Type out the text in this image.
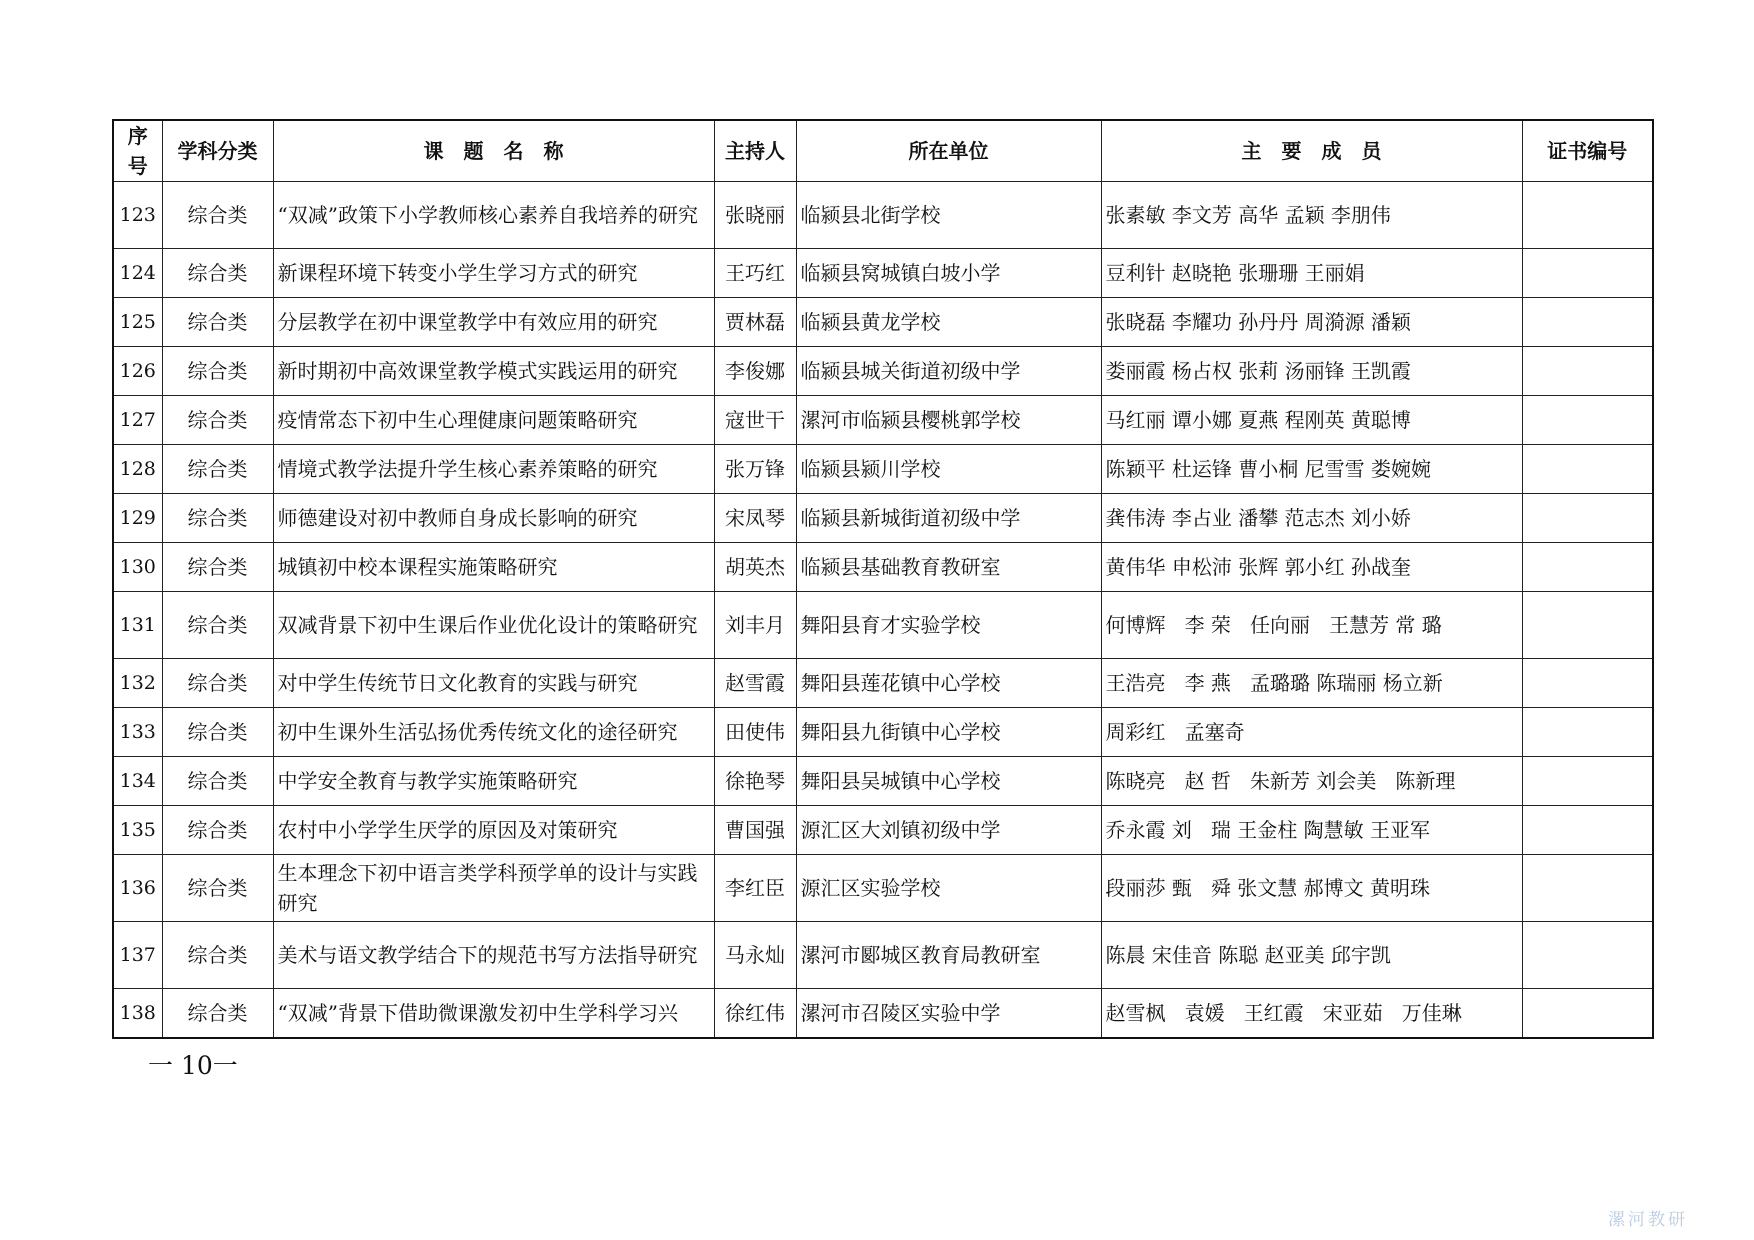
序号	学科分类	课　题　名　称	主持人	所在单位	主　要　成　员	证书编号
123	综合类	“双减”政策下小学教师核心素养自我培养的研究	张晓丽	临颍县北街学校	张素敏 李文芳 高华 孟颖 李朋伟	
124	综合类	新课程环境下转变小学生学习方式的研究	王巧红	临颍县窝城镇白坡小学	豆利针 赵晓艳 张珊珊 王丽娟	
125	综合类	分层教学在初中课堂教学中有效应用的研究	贾林磊	临颍县黄龙学校	张晓磊 李耀功 孙丹丹 周漪源 潘颖	
126	综合类	新时期初中高效课堂教学模式实践运用的研究	李俊娜	临颍县城关街道初级中学	娄丽霞 杨占权 张莉 汤丽锋 王凯霞	
127	综合类	疫情常态下初中生心理健康问题策略研究	寇世干	漯河市临颍县樱桃郭学校	马红丽 谭小娜 夏燕 程刚英 黄聪博	
128	综合类	情境式教学法提升学生核心素养策略的研究	张万锋	临颍县颍川学校	陈颖平 杜运锋 曹小桐 尼雪雪 娄婉婉	
129	综合类	师德建设对初中教师自身成长影响的研究	宋凤琴	临颍县新城街道初级中学	龚伟涛 李占业 潘攀 范志杰 刘小娇	
130	综合类	城镇初中校本课程实施策略研究	胡英杰	临颍县基础教育教研室	黄伟华 申松沛 张辉 郭小红 孙战奎	
131	综合类	双减背景下初中生课后作业优化设计的策略研究	刘丰月	舞阳县育才实验学校	何博辉   李 荣   任向丽   王慧芳 常 璐	
132	综合类	对中学生传统节日文化教育的实践与研究	赵雪霞	舞阳县莲花镇中心学校	王浩亮   李 燕   孟璐璐 陈瑞丽 杨立新	
133	综合类	初中生课外生活弘扬优秀传统文化的途径研究	田使伟	舞阳县九街镇中心学校	周彩红   孟塞奇	
134	综合类	中学安全教育与教学实施策略研究	徐艳琴	舞阳县吴城镇中心学校	陈晓亮   赵 哲   朱新芳 刘会美   陈新理	
135	综合类	农村中小学学生厌学的原因及对策研究	曹国强	源汇区大刘镇初级中学	乔永霞 刘   瑞 王金柱 陶慧敏 王亚军	
136	综合类	生本理念下初中语言类学科预学单的设计与实践研究	李红臣	源汇区实验学校	段丽莎 甄   舜 张文慧 郝博文 黄明珠	
137	综合类	美术与语文教学结合下的规范书写方法指导研究	马永灿	漯河市郾城区教育局教研室	陈晨 宋佳音 陈聪 赵亚美 邱宇凯	
138	综合类	“双减”背景下借助微课激发初中生学科学习兴	徐红伟	漯河市召陵区实验中学	赵雪枫   袁媛   王红霞   宋亚茹   万佳琳	
一 10一
漯河教研
